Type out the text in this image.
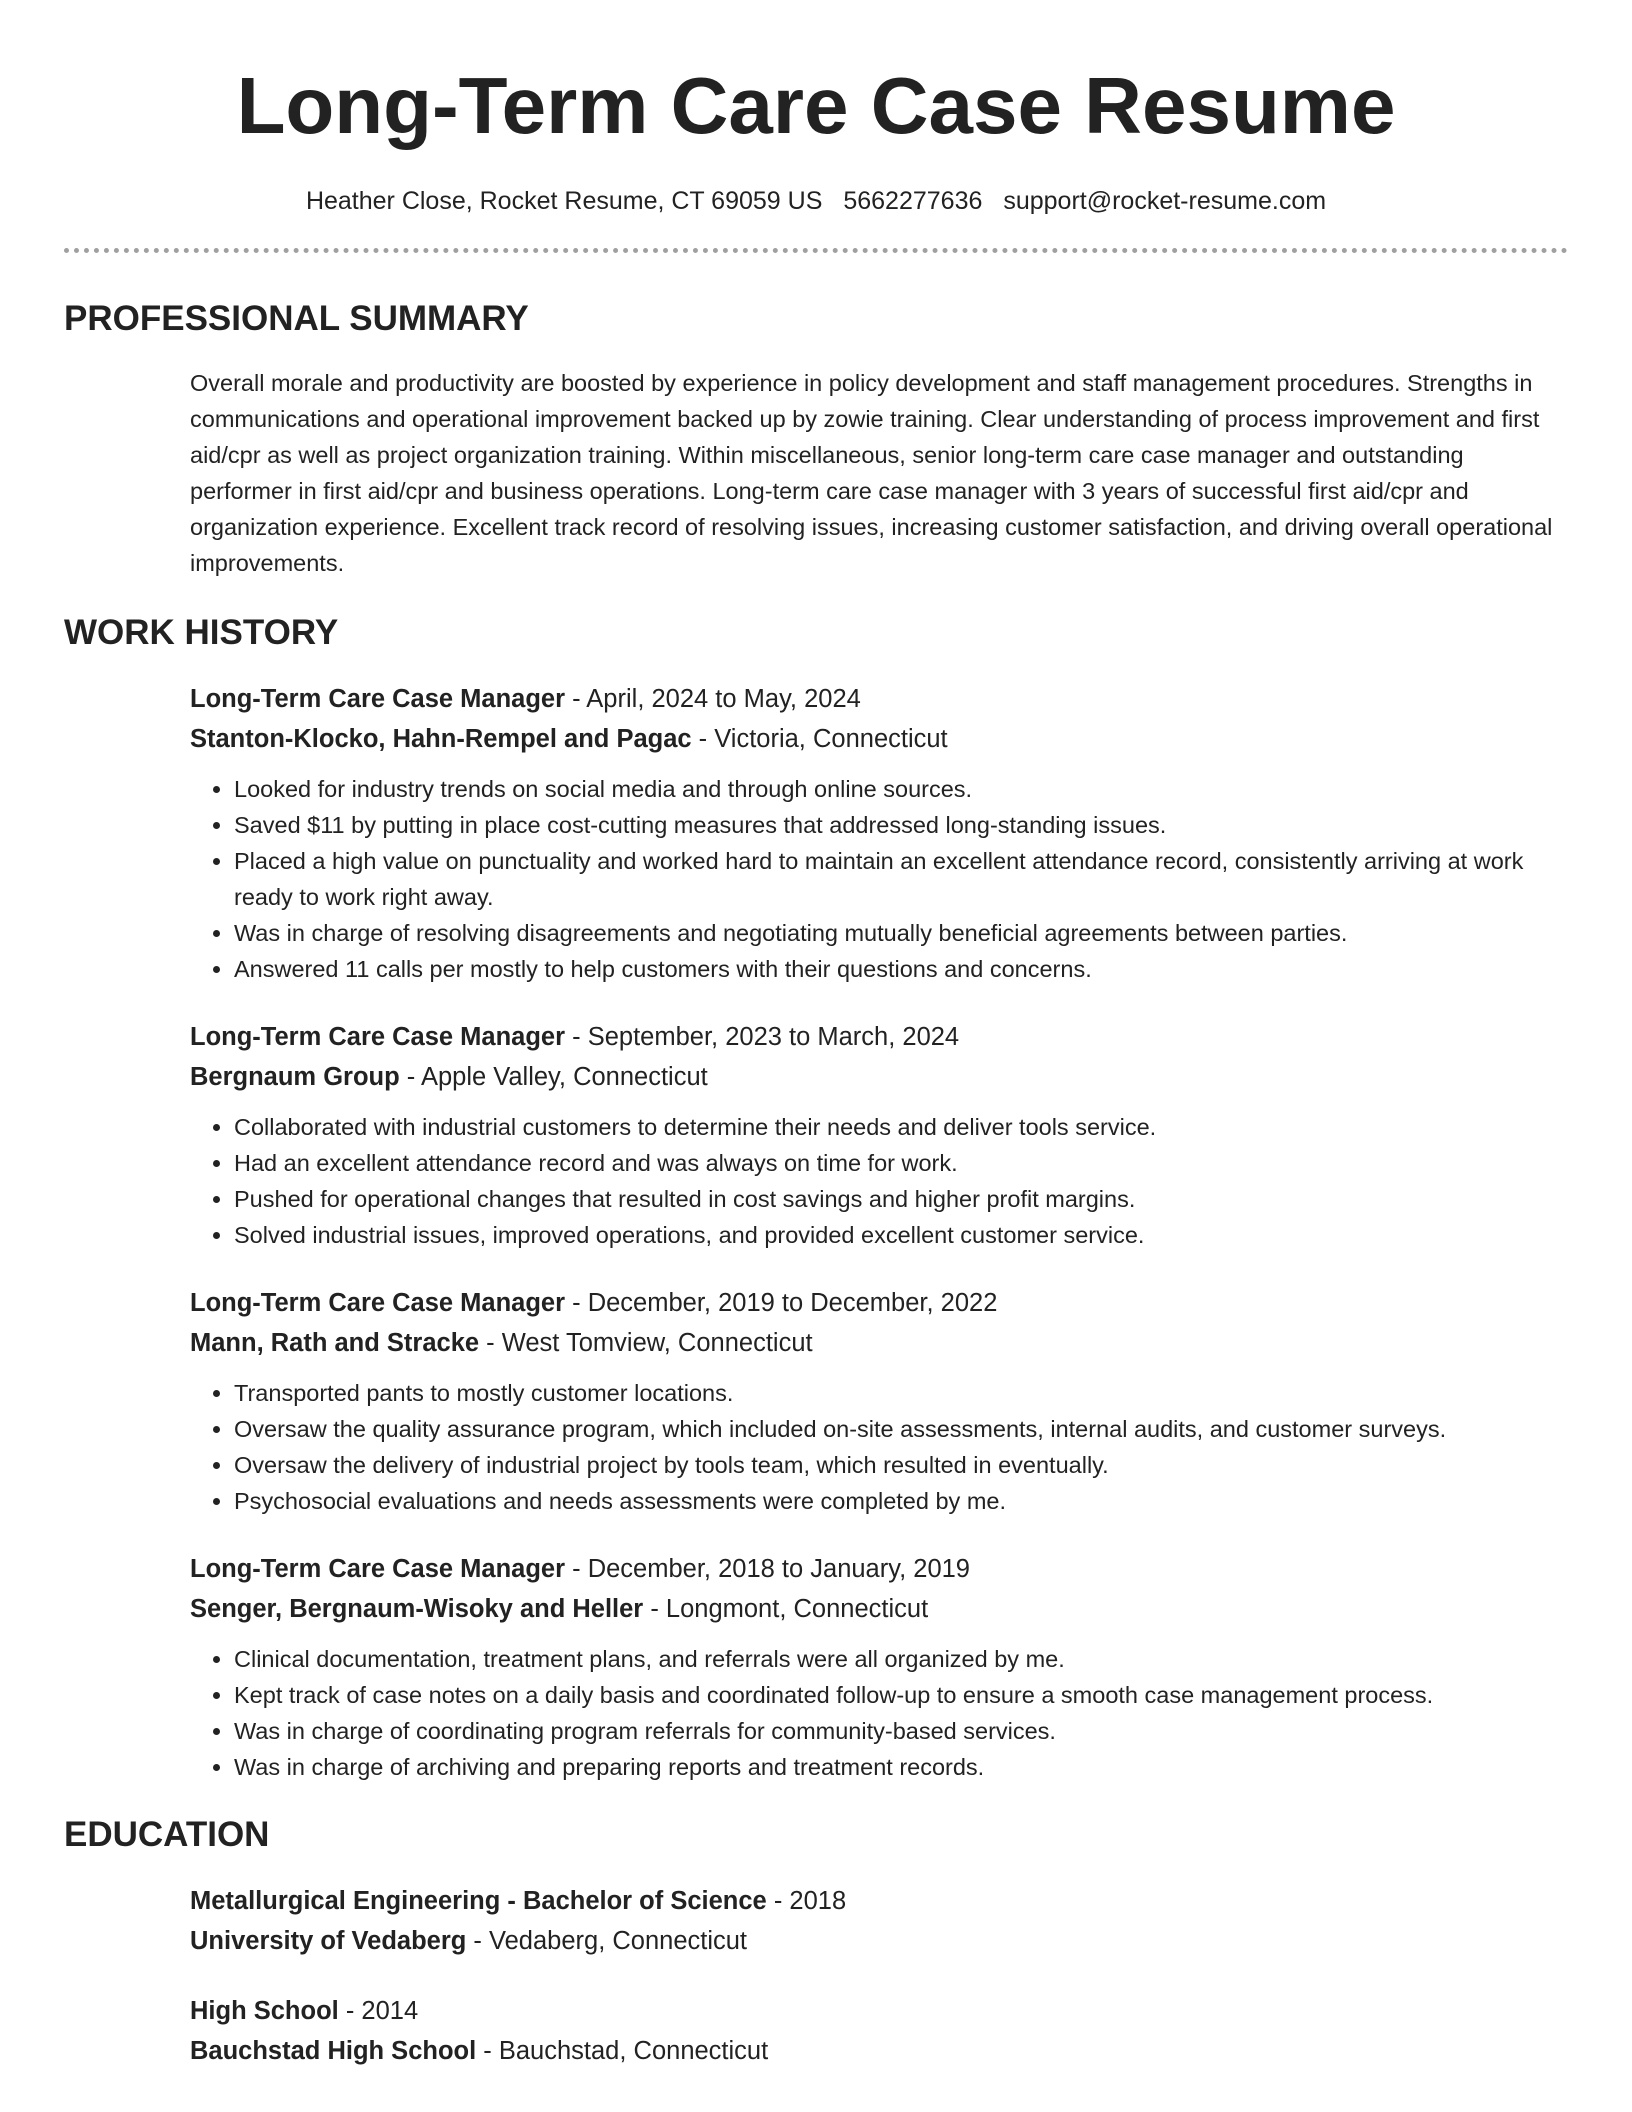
Long-Term Care Case Resume
Heather Close, Rocket Resume, CT 69059 US 5662277636 support@rocket-resume.com
PROFESSIONAL SUMMARY

Overall morale and productivity are boosted by experience in policy development and staff management procedures. Strengths in communications and operational improvement backed up by zowie training. Clear understanding of process improvement and first aid/cpr as well as project organization training. Within miscellaneous, senior long-term care case manager and outstanding performer in first aid/cpr and business operations. Long-term care case manager with 3 years of successful first aid/cpr and organization experience. Excellent track record of resolving issues, increasing customer satisfaction, and driving overall operational improvements.

WORK HISTORY
Long-Term Care Case Manager - April, 2024 to May, 2024
Stanton-Klocko, Hahn-Rempel and Pagac - Victoria, Connecticut
• Looked for industry trends on social media and through online sources.
• Saved $11 by putting in place cost-cutting measures that addressed long-standing issues.
• Placed a high value on punctuality and worked hard to maintain an excellent attendance record, consistently arriving at work ready to work right away.
• Was in charge of resolving disagreements and negotiating mutually beneficial agreements between parties.
• Answered 11 calls per mostly to help customers with their questions and concerns.
Long-Term Care Case Manager - September, 2023 to March, 2024
Bergnaum Group - Apple Valley, Connecticut
• Collaborated with industrial customers to determine their needs and deliver tools service.
• Had an excellent attendance record and was always on time for work.
• Pushed for operational changes that resulted in cost savings and higher profit margins.
• Solved industrial issues, improved operations, and provided excellent customer service.
Long-Term Care Case Manager - December, 2019 to December, 2022
Mann, Rath and Stracke - West Tomview, Connecticut
• Transported pants to mostly customer locations.
• Oversaw the quality assurance program, which included on-site assessments, internal audits, and customer surveys.
• Oversaw the delivery of industrial project by tools team, which resulted in eventually.
• Psychosocial evaluations and needs assessments were completed by me.
Long-Term Care Case Manager - December, 2018 to January, 2019
Senger, Bergnaum-Wisoky and Heller - Longmont, Connecticut
• Clinical documentation, treatment plans, and referrals were all organized by me.
• Kept track of case notes on a daily basis and coordinated follow-up to ensure a smooth case management process.
• Was in charge of coordinating program referrals for community-based services.
• Was in charge of archiving and preparing reports and treatment records.
EDUCATION
Metallurgical Engineering - Bachelor of Science - 2018
University of Vedaberg - Vedaberg, Connecticut
High School - 2014
Bauchstad High School - Bauchstad, Connecticut
